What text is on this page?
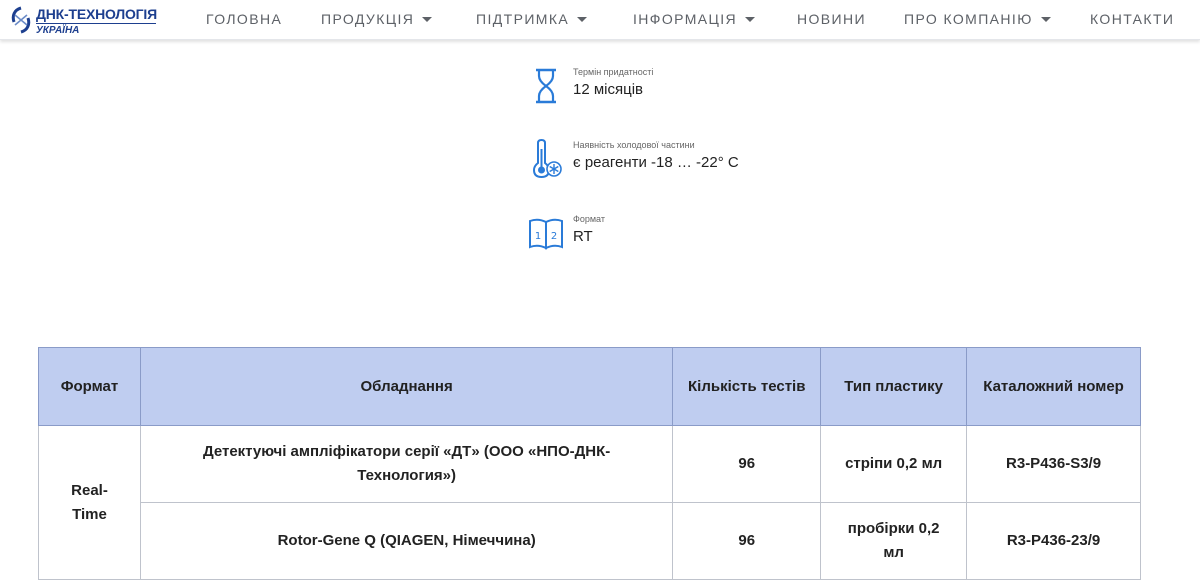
ДНК-ТЕХНОЛОГІЯ
УКРАЇНА
ГОЛОВНА	ПРОДУКЦІЯ	ПІДТРИМКА	ІНФОРМАЦІЯ	НОВИНИ	ПРО КОМПАНІЮ	КОНТАКТИ
Термін придатності
12 місяців
Наявність холодової частини
є реагенти -18 … -22° С
1 2
Формат
RT
Формат	Обладнання	Кількість тестів	Тип пластику	Каталожний номер
Real-Time	Детектуючі ампліфікатори серії «ДТ» (ООО «НПО-ДНК-Технология»)	96	стріпи 0,2 мл	R3-P436-S3/9
	Rotor-Gene Q (QIAGEN, Німеччина)	96	пробірки 0,2 мл	R3-P436-23/9
